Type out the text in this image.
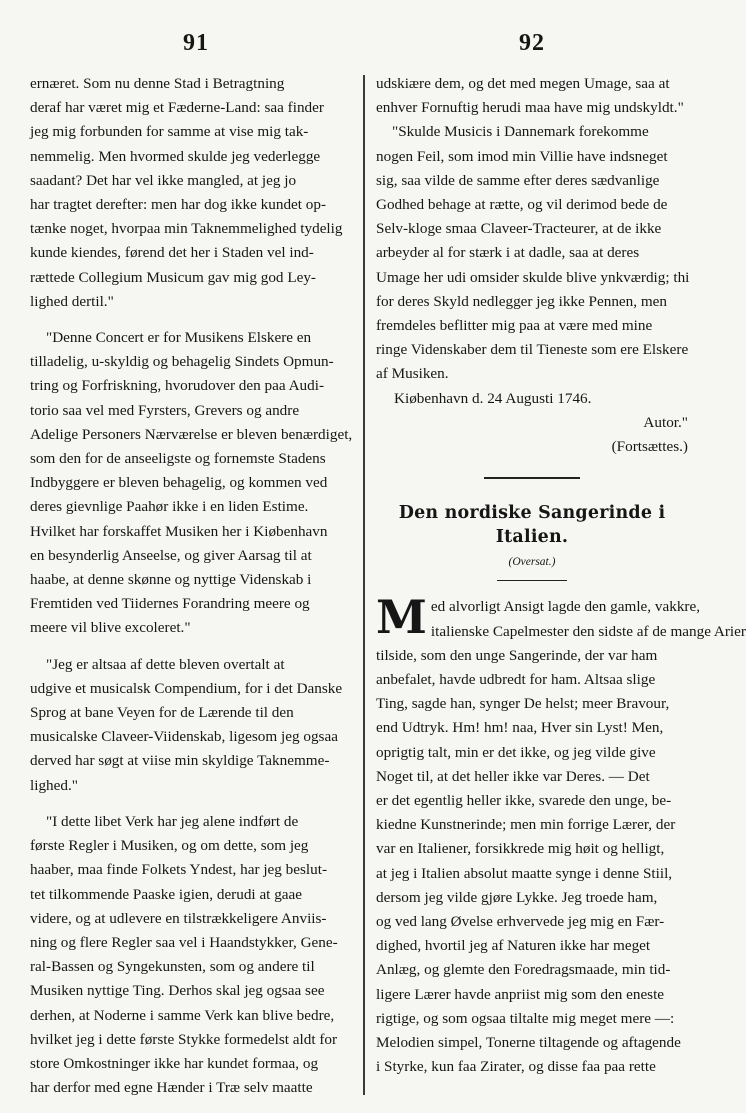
91	92

ernæret. Som nu denne Stad i Betragtning
deraf har været mig et Fæderne-Land: saa finder
jeg mig forbunden for samme at vise mig tak-
nemmelig. Men hvormed skulde jeg vederlegge
saadant? Det har vel ikke mangled, at jeg jo
har tragtet derefter: men har dog ikke kundet op-
tænke noget, hvorpaa min Taknemmelighed tydelig
kunde kiendes, førend det her i Staden vel ind-
rættede Collegium Musicum gav mig god Ley-
lighed dertil."

"Denne Concert er for Musikens Elskere en
tilladelig, u-skyldig og behagelig Sindets Opmun-
tring og Forfriskning, hvorudover den paa Audi-
torio saa vel med Fyrsters, Grevers og andre
Adelige Personers Nærværelse er bleven benærdiget,
som den for de anseeligste og fornemste Stadens
Indbyggere er bleven behagelig, og kommen ved
deres gievnlige Paahør ikke i en liden Estime.
Hvilket har forskaffet Musiken her i Kiøbenhavn
en besynderlig Anseelse, og giver Aarsag til at
haabe, at denne skønne og nyttige Videnskab i
Fremtiden ved Tiidernes Forandring meere og
meere vil blive excoleret."

"Jeg er altsaa af dette bleven overtalt at
udgive et musicalsk Compendium, for i det Danske
Sprog at bane Veyen for de Lærende til den
musicalske Claveer-Viidenskab, ligesom jeg ogsaa
derved har søgt at viise min skyldige Taknemme-
lighed."

"I dette libet Verk har jeg alene indført de
første Regler i Musiken, og om dette, som jeg
haaber, maa finde Folkets Yndest, har jeg beslut-
tet tilkommende Paaske igien, derudi at gaae
videre, og at udlevere en tilstrækkeligere Anviis-
ning og flere Regler saa vel i Haandstykker, Gene-
ral-Bassen og Syngekunsten, som og andere til
Musiken nyttige Ting. Derhos skal jeg ogsaa see
derhen, at Noderne i samme Verk kan blive bedre,
hvilket jeg i dette første Stykke formedelst aldt for
store Omkostninger ikke har kundet formaa, og
har derfor med egne Hænder i Træ selv maatte

udskiære dem, og det med megen Umage, saa at
enhver Fornuftig herudi maa have mig undskyldt."

"Skulde Musicis i Dannemark forekomme
nogen Feil, som imod min Villie have indsneget
sig, saa vilde de samme efter deres sædvanlige
Godhed behage at rætte, og vil derimod bede de
Selv-kloge smaa Claveer-Tracteurer, at de ikke
arbeyder al for stærk i at dadle, saa at deres
Umage her udi omsider skulde blive ynkværdig; thi
for deres Skyld nedlegger jeg ikke Pennen, men
fremdeles beflitter mig paa at være med mine
ringe Videnskaber dem til Tieneste som ere Elskere
af Musiken.

Kiøbenhavn d. 24 Augusti 1746.
Autor."
(Fortsættes.)
Den nordiske Sangerinde i Italien.
(Oversat.)
M ed alvorligt Ansigt lagde den gamle, vakkre,
italienske Capelmester den sidste af de mange Arier
tilside, som den unge Sangerinde, der var ham
anbefalet, havde udbredt for ham. Altsaa slige
Ting, sagde han, synger De helst; meer Bravour,
end Udtryk. Hm! hm! naa, Hver sin Lyst! Men,
oprigtig talt, min er det ikke, og jeg vilde give
Noget til, at det heller ikke var Deres. — Det
er det egentlig heller ikke, svarede den unge, be-
kiedne Kunstnerinde; men min forrige Lærer, der
var en Italiener, forsikkrede mig høit og helligt,
at jeg i Italien absolut maatte synge i denne Stiil,
dersom jeg vilde gjøre Lykke. Jeg troede ham,
og ved lang Øvelse erhvervede jeg mig en Fær-
dighed, hvortil jeg af Naturen ikke har meget
Anlæg, og glemte den Foredragsmaade, min tid-
ligere Lærer havde anpriist mig som den eneste
rigtige, og som ogsaa tiltalte mig meget mere —:
Melodien simpel, Tonerne tiltagende og aftagende
i Styrke, kun faa Zirater, og disse faa paa rette
